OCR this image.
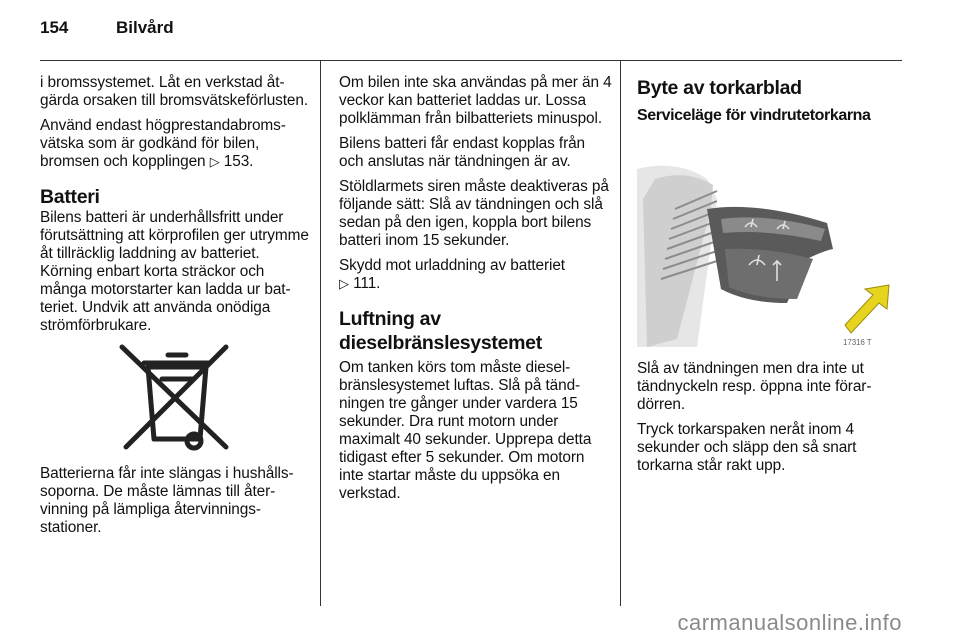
154	Bilvård

i bromssystemet. Låt en verkstad åtgärda orsaken till bromsvätskeförlusten.

Använd endast högprestandabromsvätska som är godkänd för bilen, bromsen och kopplingen ▷ 153.

Batteri

Bilens batteri är underhållsfritt under förutsättning att körprofilen ger utrymme åt tillräcklig laddning av batteriet. Körning enbart korta sträckor och många motorstarter kan ladda ur batteriet. Undvik att använda onödiga strömförbrukare.

Batterierna får inte slängas i hushållssoporna. De måste lämnas till återvinning på lämpliga återvinningsstationer.

Om bilen inte ska användas på mer än 4 veckor kan batteriet laddas ur. Lossa polklämman från bilbatteriets minuspol.

Bilens batteri får endast kopplas från och anslutas när tändningen är av.

Stöldlarmets siren måste deaktiveras på följande sätt: Slå av tändningen och slå sedan på den igen, koppla bort bilens batteri inom 15 sekunder.

Skydd mot urladdning av batteriet
▷ 111.

Luftning av dieselbränslesystemet

Om tanken körs tom måste dieselbränslesystemet luftas. Slå på tändningen tre gånger under vardera 15 sekunder. Dra runt motorn under maximalt 40 sekunder. Upprepa detta tidigast efter 5 sekunder. Om motorn inte startar måste du uppsöka en verkstad.

Byte av torkarblad
Serviceläge för vindrutetorkarna
17316 T

Slå av tändningen men dra inte ut tändnyckeln resp. öppna inte förardörren.

Tryck torkarspaken neråt inom 4 sekunder och släpp den så snart torkarna står rakt upp.

carmanualsonline.info
